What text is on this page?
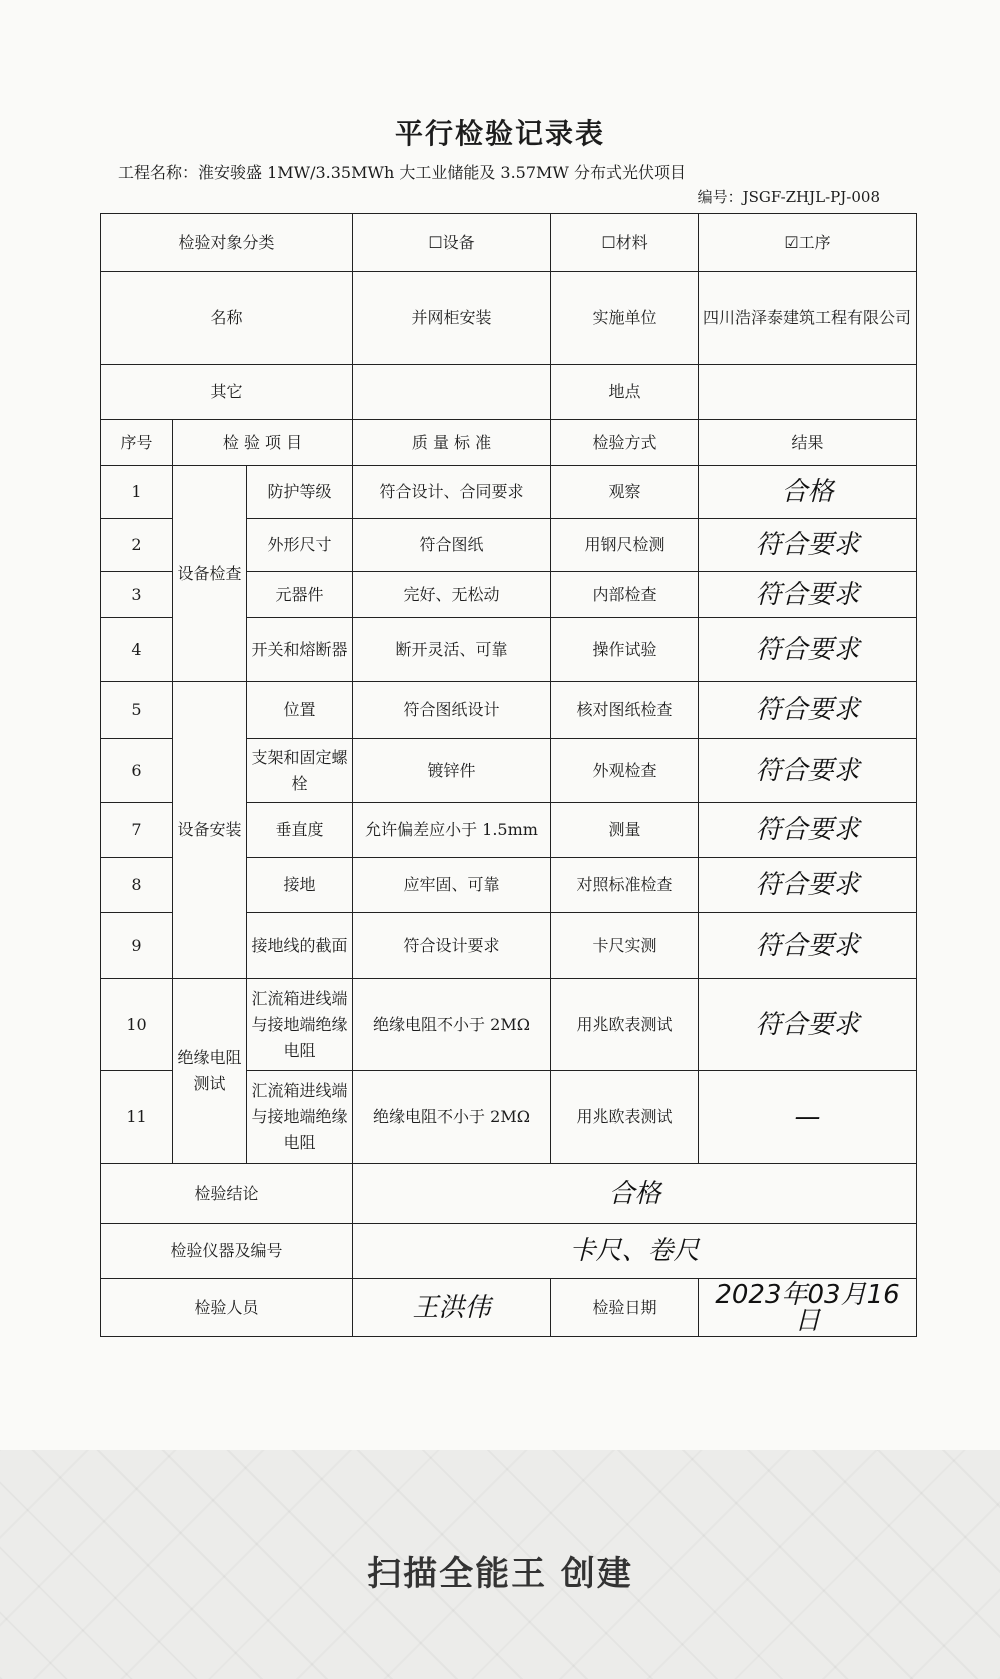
平行检验记录表
工程名称：淮安骏盛 1MW/3.35MWh 大工业储能及 3.57MW 分布式光伏项目
编号：JSGF-ZHJL-PJ-008
检验对象分类			☐设备	☐材料	☑工序
名称			并网柜安装	实施单位	四川浩泽泰建筑工程有限公司
其它				地点	
序号	检 验 项 目		质 量 标 准	检验方式	结果
1	设备检查	防护等级	符合设计、合同要求	观察	合格
2		外形尺寸	符合图纸	用钢尺检测	符合要求
3		元器件	完好、无松动	内部检查	符合要求
4		开关和熔断器	断开灵活、可靠	操作试验	符合要求
5	设备安装	位置	符合图纸设计	核对图纸检查	符合要求
6		支架和固定螺栓	镀锌件	外观检查	符合要求
7		垂直度	允许偏差应小于 1.5mm	测量	符合要求
8		接地	应牢固、可靠	对照标准检查	符合要求
9		接地线的截面	符合设计要求	卡尺实测	符合要求
10	绝缘电阻测试	汇流箱进线端与接地端绝缘电阻	绝缘电阻不小于 2MΩ	用兆欧表测试	符合要求
11		汇流箱进线端与接地端绝缘电阻	绝缘电阻不小于 2MΩ	用兆欧表测试	—
检验结论			合格		
检验仪器及编号			卡尺、卷尺		
检验人员			王洪伟	检验日期	2023年03月16日
扫描全能王 创建
